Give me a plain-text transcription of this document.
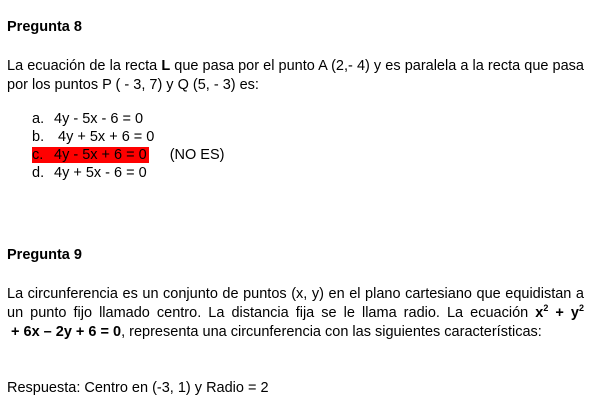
Pregunta 8

La ecuación de la recta L que pasa por el punto A (2,- 4) y es paralela a la recta que pasa por los puntos P ( - 3, 7) y Q (5, - 3) es:

a. 4y - 5x - 6 = 0
b. 4y + 5x + 6 = 0
c. 4y - 5x + 6 = 0 (NO ES)
d. 4y + 5x - 6 = 0
Pregunta 9

La circunferencia es un conjunto de puntos (x, y) en el plano cartesiano que equidistan a un punto fijo llamado centro. La distancia fija se le llama radio. La ecuación $x^2 + y^2 + 6x - 2y + 6 = 0$, representa una circunferencia con las siguientes características:

Respuesta: Centro en (-3, 1) y Radio = 2
